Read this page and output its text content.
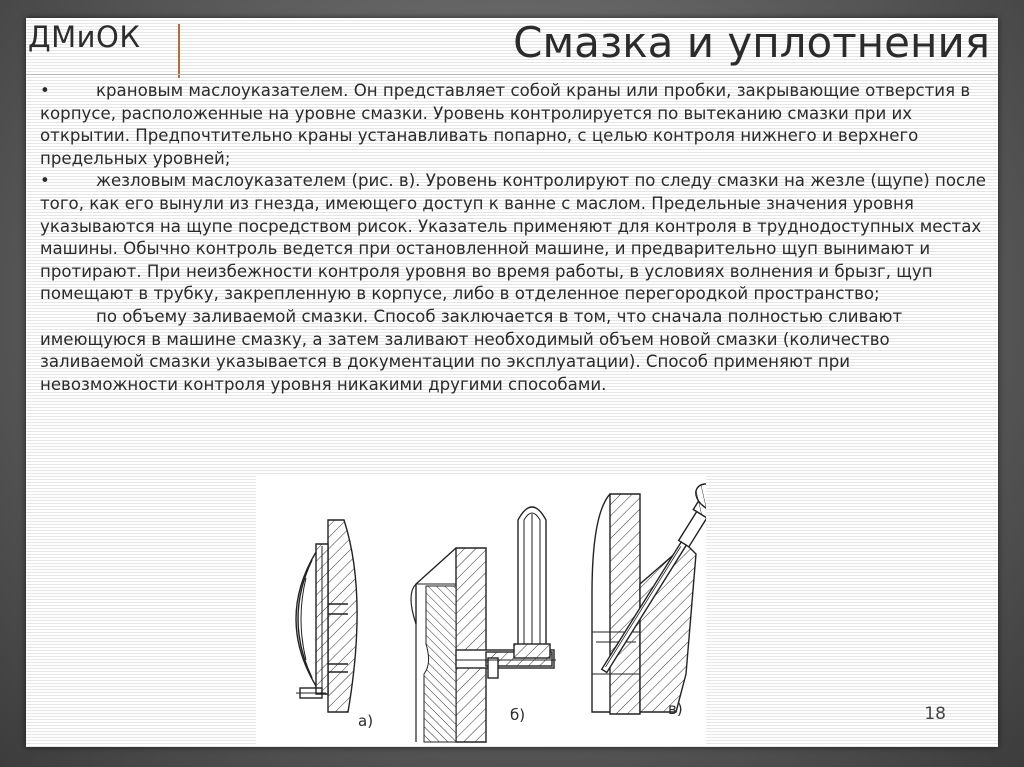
ДМиОК	Смазка и уплотнения

•	крановым маслоуказателем. Он представляет собой краны или пробки, закрывающие отверстия в корпусе, расположенные на уровне смазки. Уровень контролируется по вытеканию смазки при их открытии. Предпочтительно краны устанавливать попарно, с целью контроля нижнего и верхнего предельных уровней;

•	жезловым маслоуказателем (рис. в). Уровень контролируют по следу смазки на жезле (щупе) после того, как его вынули из гнезда, имеющего доступ к ванне с маслом. Предельные значения уровня указываются на щупе посредством рисок. Указатель применяют для контроля в труднодоступных местах машины. Обычно контроль ведется при остановленной машине, и предварительно щуп вынимают и протирают. При неизбежности контроля уровня во время работы, в условиях волнения и брызг, щуп помещают в трубку, закрепленную в корпусе, либо в отделенное перегородкой пространство;

по объему заливаемой смазки. Способ заключается в том, что сначала полностью сливают имеющуюся в машине смазку, а затем заливают необходимый объем новой смазки (количество заливаемой смазки указывается в документации по эксплуатации). Способ применяют при невозможности контроля уровня никакими другими способами.

а)	б)	в)	18
